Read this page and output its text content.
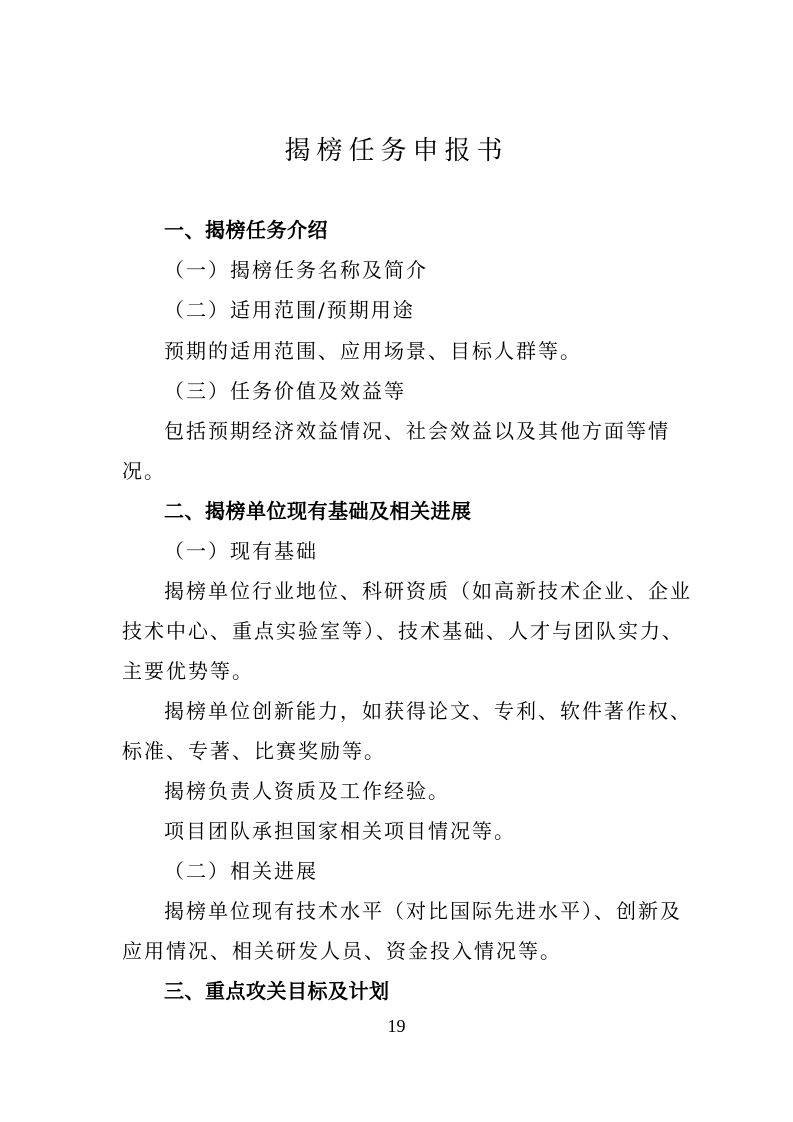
揭榜任务申报书
一、揭榜任务介绍
（一）揭榜任务名称及简介
（二）适用范围/预期用途
预期的适用范围、应用场景、目标人群等。
（三）任务价值及效益等
包括预期经济效益情况、社会效益以及其他方面等情
况。
二、揭榜单位现有基础及相关进展
（一）现有基础
揭榜单位行业地位、科研资质（如高新技术企业、企业
技术中心、重点实验室等）、技术基础、人才与团队实力、
主要优势等。
揭榜单位创新能力，如获得论文、专利、软件著作权、
标准、专著、比赛奖励等。
揭榜负责人资质及工作经验。
项目团队承担国家相关项目情况等。
（二）相关进展
揭榜单位现有技术水平（对比国际先进水平）、创新及
应用情况、相关研发人员、资金投入情况等。
三、重点攻关目标及计划
19
